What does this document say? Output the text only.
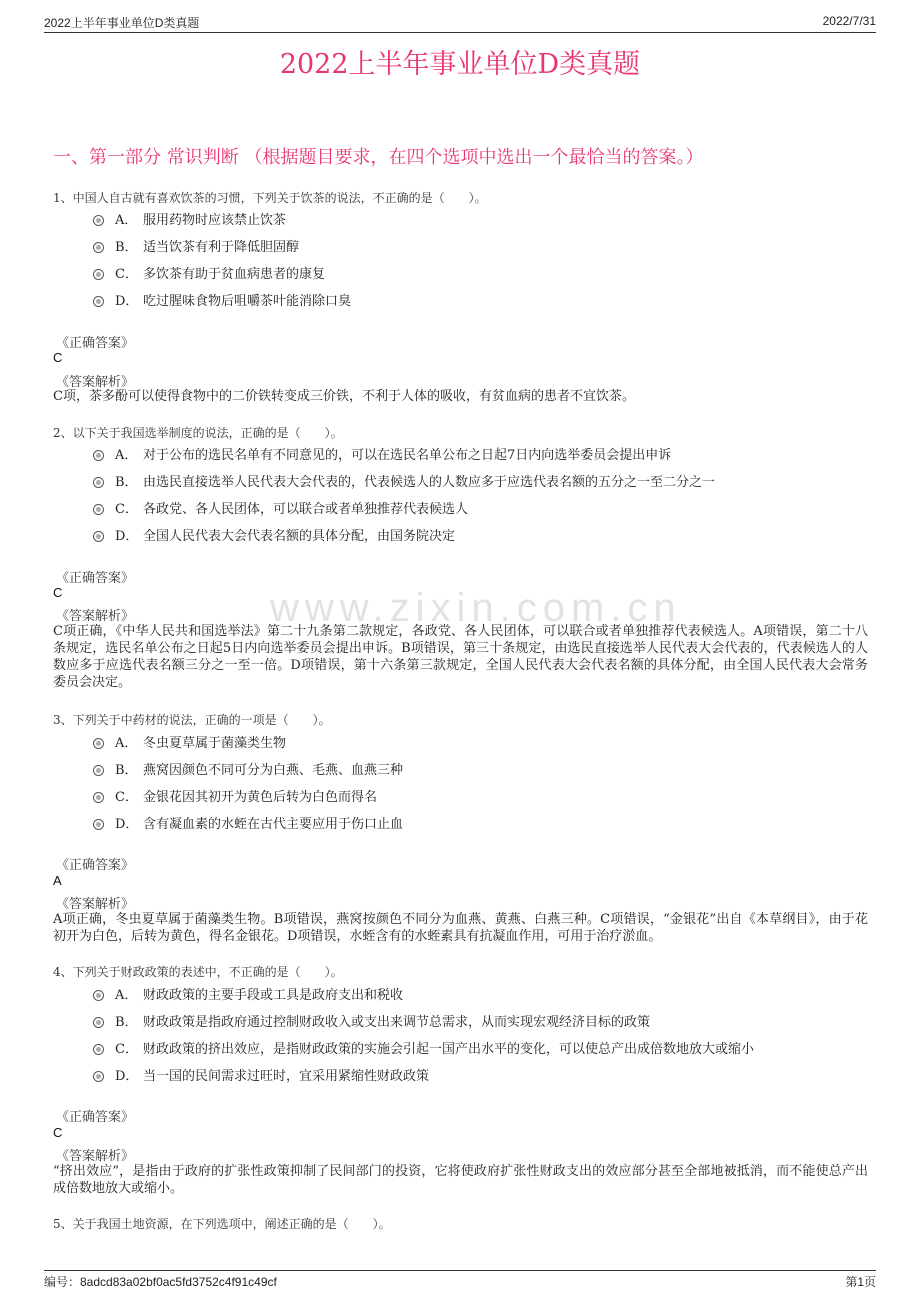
2022上半年事业单位D类真题	2022/7/31
2022上半年事业单位D类真题
一、第一部分 常识判断 （根据题目要求，在四个选项中选出一个最恰当的答案。）
1、中国人自古就有喜欢饮茶的习惯，下列关于饮茶的说法，不正确的是（　　）。
A． 服用药物时应该禁止饮茶
B． 适当饮茶有利于降低胆固醇
C． 多饮茶有助于贫血病患者的康复
D． 吃过腥味食物后咀嚼茶叶能消除口臭
《正确答案》
C
《答案解析》
C项，茶多酚可以使得食物中的二价铁转变成三价铁，不利于人体的吸收，有贫血病的患者不宜饮茶。
2、以下关于我国选举制度的说法，正确的是（　　）。
A． 对于公布的选民名单有不同意见的，可以在选民名单公布之日起7日内向选举委员会提出申诉
B． 由选民直接选举人民代表大会代表的，代表候选人的人数应多于应选代表名额的五分之一至二分之一
C． 各政党、各人民团体，可以联合或者单独推荐代表候选人
D． 全国人民代表大会代表名额的具体分配，由国务院决定
《正确答案》
C
《答案解析》
C项正确，《中华人民共和国选举法》第二十九条第二款规定，各政党、各人民团体，可以联合或者单独推荐代表候选人。A项错误，第二十八条规定，选民名单公布之日起5日内向选举委员会提出申诉。B项错误，第三十条规定，由选民直接选举人民代表大会代表的，代表候选人的人数应多于应选代表名额三分之一至一倍。D项错误，第十六条第三款规定，全国人民代表大会代表名额的具体分配，由全国人民代表大会常务委员会决定。
www.zixin.com.cn
3、下列关于中药材的说法，正确的一项是（　　）。
A． 冬虫夏草属于菌藻类生物
B． 燕窝因颜色不同可分为白燕、毛燕、血燕三种
C． 金银花因其初开为黄色后转为白色而得名
D． 含有凝血素的水蛭在古代主要应用于伤口止血
《正确答案》
A
《答案解析》
A项正确，冬虫夏草属于菌藻类生物。B项错误，燕窝按颜色不同分为血燕、黄燕、白燕三种。C项错误，“金银花”出自《本草纲目》，由于花初开为白色，后转为黄色，得名金银花。D项错误，水蛭含有的水蛭素具有抗凝血作用，可用于治疗淤血。
4、下列关于财政政策的表述中，不正确的是（　　）。
A． 财政政策的主要手段或工具是政府支出和税收
B． 财政政策是指政府通过控制财政收入或支出来调节总需求，从而实现宏观经济目标的政策
C． 财政政策的挤出效应，是指财政政策的实施会引起一国产出水平的变化，可以使总产出成倍数地放大或缩小
D． 当一国的民间需求过旺时，宜采用紧缩性财政政策
《正确答案》
C
《答案解析》
“挤出效应”，是指由于政府的扩张性政策抑制了民间部门的投资，它将使政府扩张性财政支出的效应部分甚至全部地被抵消，而不能使总产出成倍数地放大或缩小。
5、关于我国土地资源，在下列选项中，阐述正确的是（　　）。
编号：8adcd83a02bf0ac5fd3752c4f91c49cf	第1页
